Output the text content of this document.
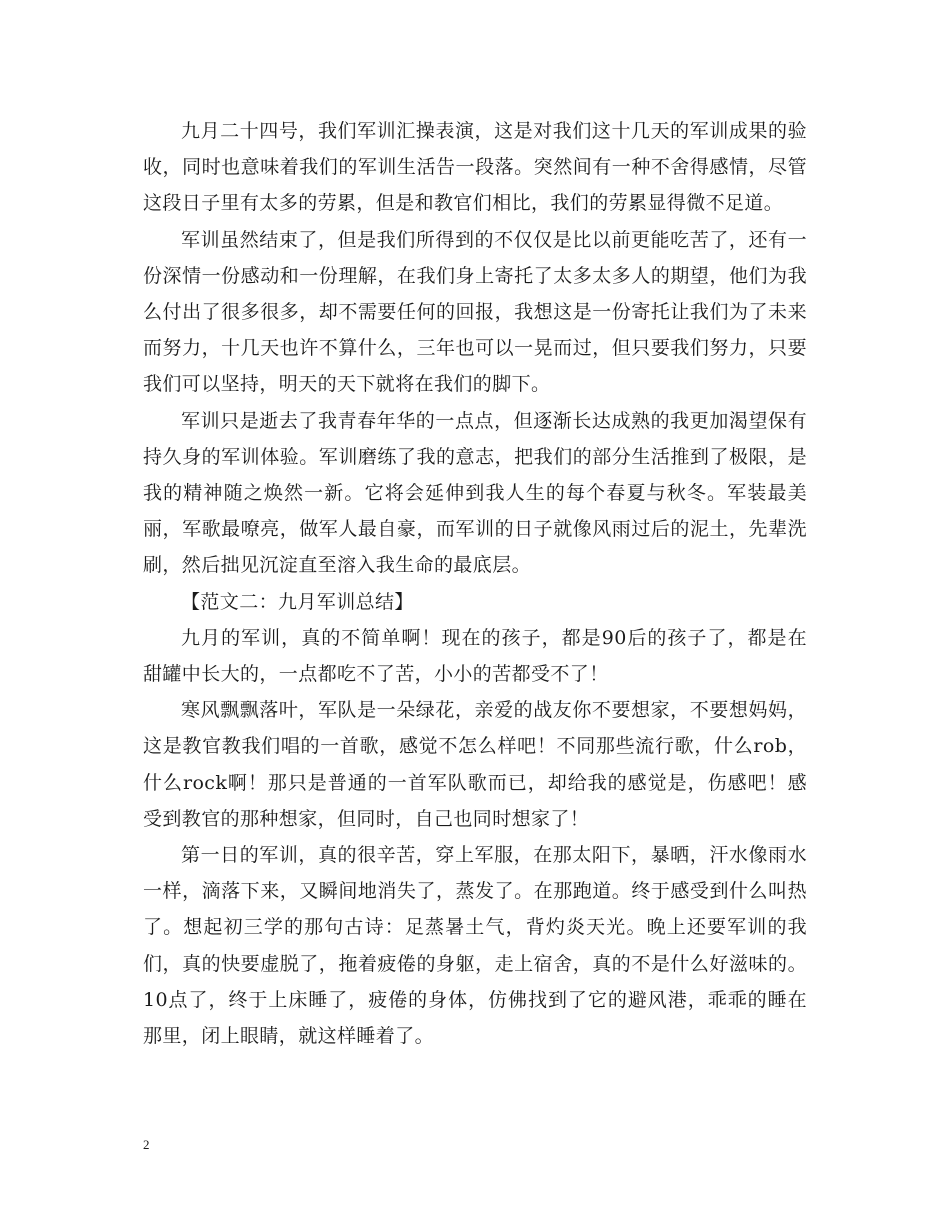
九月二十四号，我们军训汇操表演，这是对我们这十几天的军训成果的验收，同时也意味着我们的军训生活告一段落。突然间有一种不舍得感情，尽管这段日子里有太多的劳累，但是和教官们相比，我们的劳累显得微不足道。

军训虽然结束了，但是我们所得到的不仅仅是比以前更能吃苦了，还有一份深情一份感动和一份理解，在我们身上寄托了太多太多人的期望，他们为我么付出了很多很多，却不需要任何的回报，我想这是一份寄托让我们为了未来而努力，十几天也许不算什么，三年也可以一晃而过，但只要我们努力，只要我们可以坚持，明天的天下就将在我们的脚下。

军训只是逝去了我青春年华的一点点，但逐渐长达成熟的我更加渴望保有持久身的军训体验。军训磨练了我的意志，把我们的部分生活推到了极限，是我的精神随之焕然一新。它将会延伸到我人生的每个春夏与秋冬。军装最美丽，军歌最嘹亮，做军人最自豪，而军训的日子就像风雨过后的泥土，先辈洗刷，然后拙见沉淀直至溶入我生命的最底层。

【范文二：九月军训总结】

九月的军训，真的不简单啊！现在的孩子，都是90后的孩子了，都是在甜罐中长大的，一点都吃不了苦，小小的苦都受不了！

寒风飘飘落叶，军队是一朵绿花，亲爱的战友你不要想家，不要想妈妈，这是教官教我们唱的一首歌，感觉不怎么样吧！不同那些流行歌，什么rob，什么rock啊！那只是普通的一首军队歌而已，却给我的感觉是，伤感吧！感受到教官的那种想家，但同时，自己也同时想家了！

第一日的军训，真的很辛苦，穿上军服，在那太阳下，暴晒，汗水像雨水一样，滴落下来，又瞬间地消失了，蒸发了。在那跑道。终于感受到什么叫热了。想起初三学的那句古诗：足蒸暑土气，背灼炎天光。晚上还要军训的我们，真的快要虚脱了，拖着疲倦的身躯，走上宿舍，真的不是什么好滋味的。10点了，终于上床睡了，疲倦的身体，仿佛找到了它的避风港，乖乖的睡在那里，闭上眼睛，就这样睡着了。

2
